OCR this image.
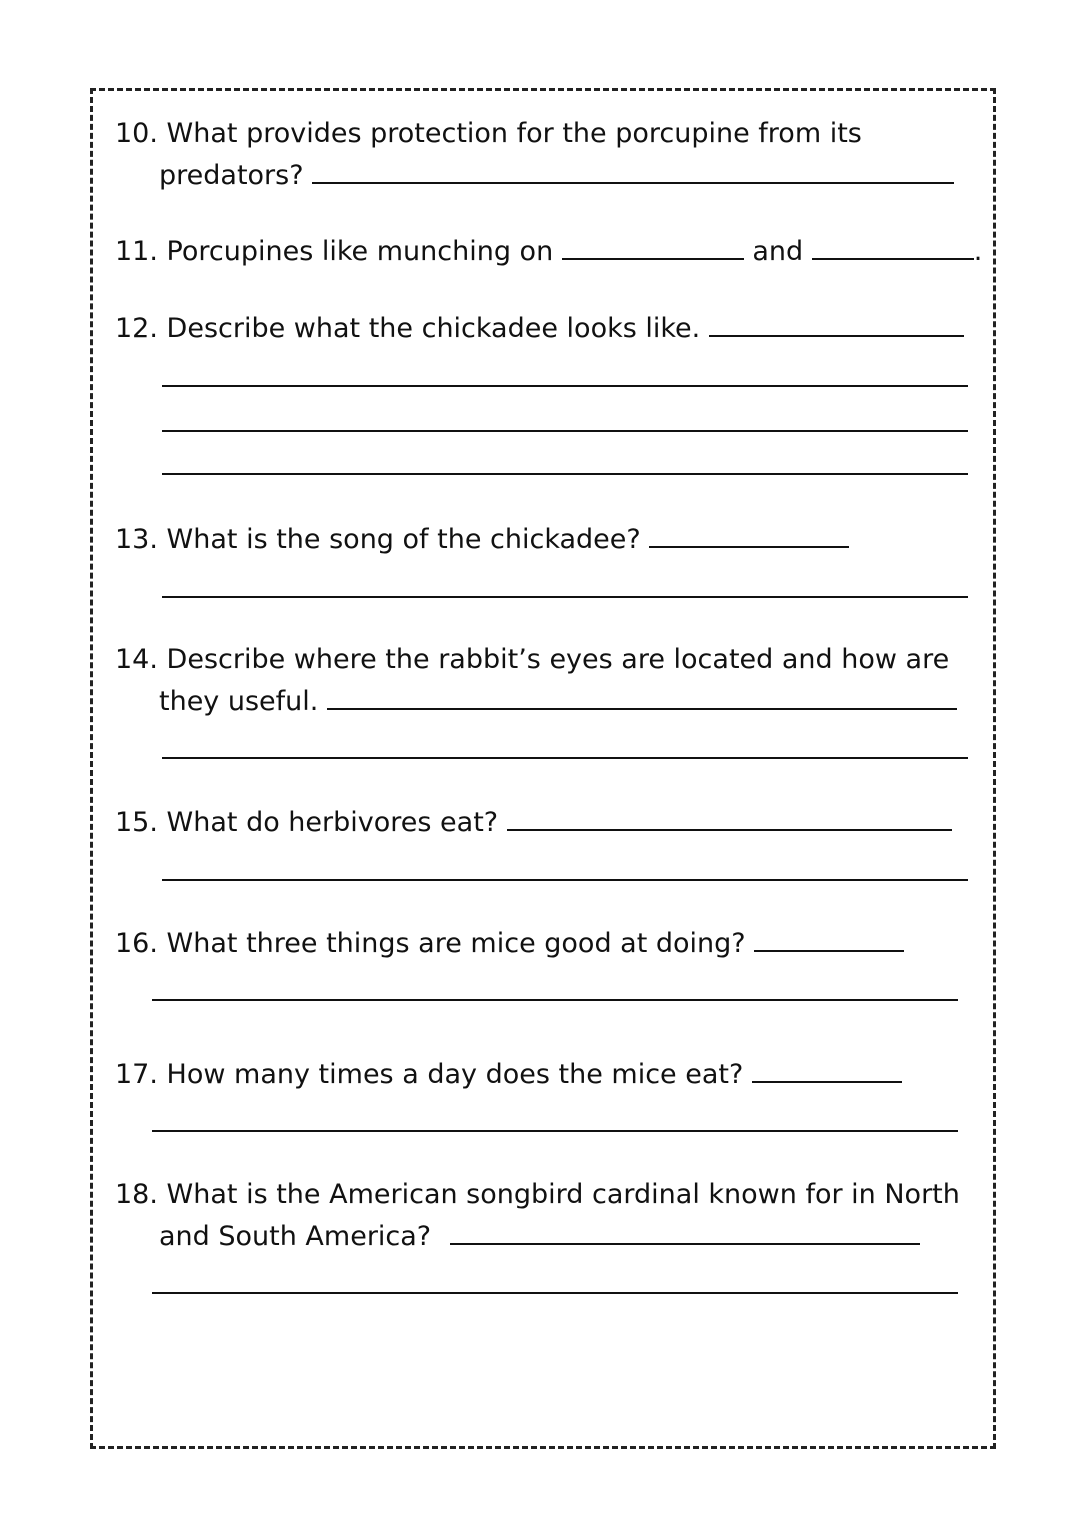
10. What provides protection for the porcupine from its
predators?
11. Porcupines like munching on	and	.
12. Describe what the chickadee looks like.
13. What is the song of the chickadee?
14. Describe where the rabbit’s eyes are located and how are
they useful.
15. What do herbivores eat?
16. What three things are mice good at doing?
17. How many times a day does the mice eat?
18. What is the American songbird cardinal known for in North
and South America?
